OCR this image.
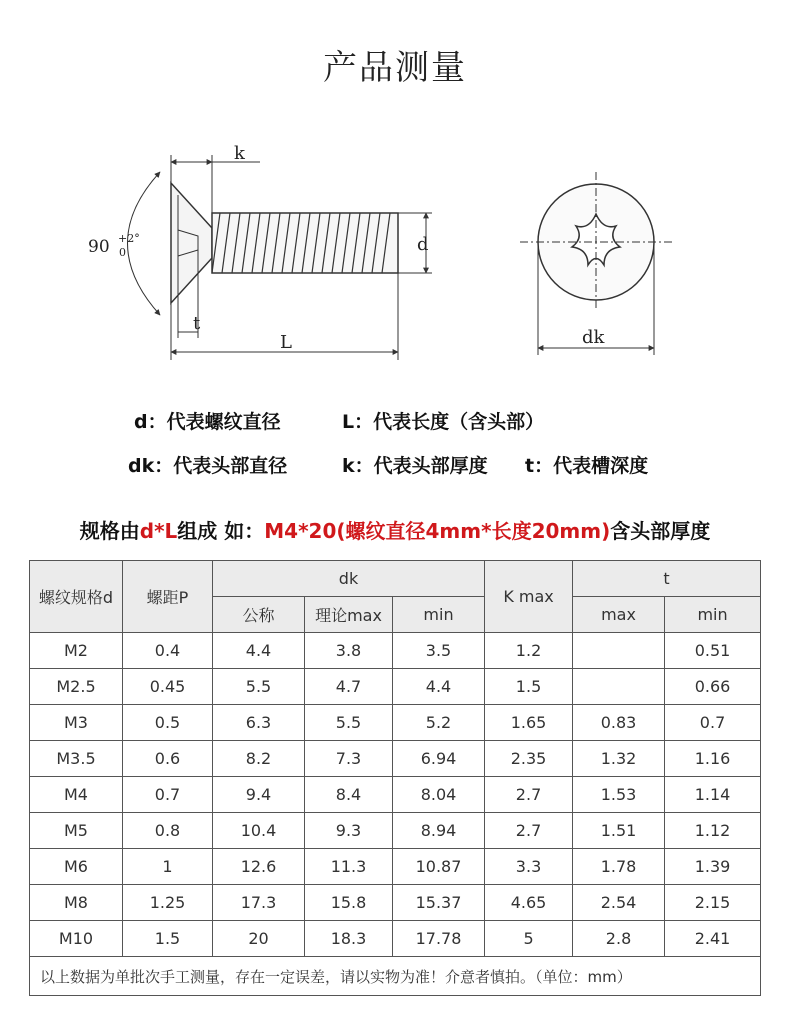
产品测量
k
d
t
L	dk
90 +2°
0
d：代表螺纹直径	L：代表长度（含头部）
dk：代表头部直径	k：代表头部厚度 t：代表槽深度
规格由d*L组成 如：M4*20(螺纹直径4mm*长度20mm)含头部厚度
螺纹规格d	螺距P	dk			K max	t	
		公称	理论max	min		max	min
M2	0.4	4.4	3.8	3.5	1.2		0.51
M2.5	0.45	5.5	4.7	4.4	1.5		0.66
M3	0.5	6.3	5.5	5.2	1.65	0.83	0.7
M3.5	0.6	8.2	7.3	6.94	2.35	1.32	1.16
M4	0.7	9.4	8.4	8.04	2.7	1.53	1.14
M5	0.8	10.4	9.3	8.94	2.7	1.51	1.12
M6	1	12.6	11.3	10.87	3.3	1.78	1.39
M8	1.25	17.3	15.8	15.37	4.65	2.54	2.15
M10	1.5	20	18.3	17.78	5	2.8	2.41
以上数据为单批次手工测量，存在一定误差，请以实物为准！介意者慎拍。（单位：mm）							
